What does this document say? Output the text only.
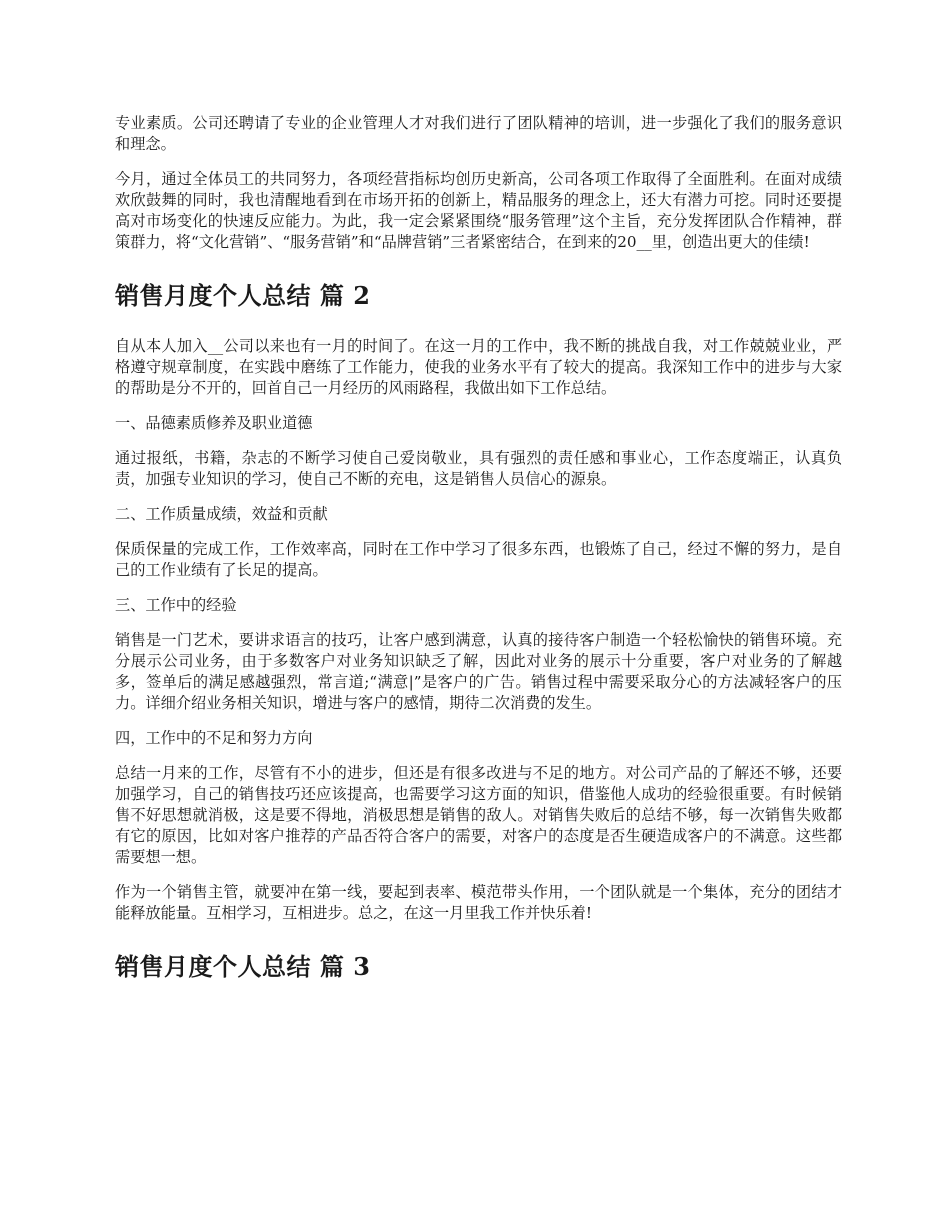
专业素质。公司还聘请了专业的企业管理人才对我们进行了团队精神的培训，进一步强化了我们的服务意识和理念。

今月，通过全体员工的共同努力，各项经营指标均创历史新高，公司各项工作取得了全面胜利。在面对成绩欢欣鼓舞的同时，我也清醒地看到在市场开拓的创新上，精品服务的理念上，还大有潜力可挖。同时还要提高对市场变化的快速反应能力。为此，我一定会紧紧围绕“服务管理”这个主旨，充分发挥团队合作精神，群策群力，将“文化营销”、“服务营销”和“品牌营销”三者紧密结合，在到来的20__里，创造出更大的佳绩!

销售月度个人总结 篇 2

自从本人加入__公司以来也有一月的时间了。在这一月的工作中，我不断的挑战自我，对工作兢兢业业，严格遵守规章制度，在实践中磨练了工作能力，使我的业务水平有了较大的提高。我深知工作中的进步与大家的帮助是分不开的，回首自己一月经历的风雨路程，我做出如下工作总结。

一、品德素质修养及职业道德

通过报纸，书籍，杂志的不断学习使自己爱岗敬业，具有强烈的责任感和事业心，工作态度端正，认真负责，加强专业知识的学习，使自己不断的充电，这是销售人员信心的源泉。

二、工作质量成绩，效益和贡献

保质保量的完成工作，工作效率高，同时在工作中学习了很多东西，也锻炼了自己，经过不懈的努力，是自己的工作业绩有了长足的提高。

三、工作中的经验

销售是一门艺术，要讲求语言的技巧，让客户感到满意，认真的接待客户制造一个轻松愉快的销售环境。充分展示公司业务，由于多数客户对业务知识缺乏了解，因此对业务的展示十分重要，客户对业务的了解越多，签单后的满足感越强烈，常言道;“满意|”是客户的广告。销售过程中需要采取分心的方法减轻客户的压力。详细介绍业务相关知识，增进与客户的感情，期待二次消费的发生。

四，工作中的不足和努力方向

总结一月来的工作，尽管有不小的进步，但还是有很多改进与不足的地方。对公司产品的了解还不够，还要加强学习，自己的销售技巧还应该提高，也需要学习这方面的知识，借鉴他人成功的经验很重要。有时候销售不好思想就消极，这是要不得地，消极思想是销售的敌人。对销售失败后的总结不够，每一次销售失败都有它的原因，比如对客户推荐的产品否符合客户的需要，对客户的态度是否生硬造成客户的不满意。这些都需要想一想。

作为一个销售主管，就要冲在第一线，要起到表率、模范带头作用，一个团队就是一个集体，充分的团结才能释放能量。互相学习，互相进步。总之，在这一月里我工作并快乐着!

销售月度个人总结 篇 3
